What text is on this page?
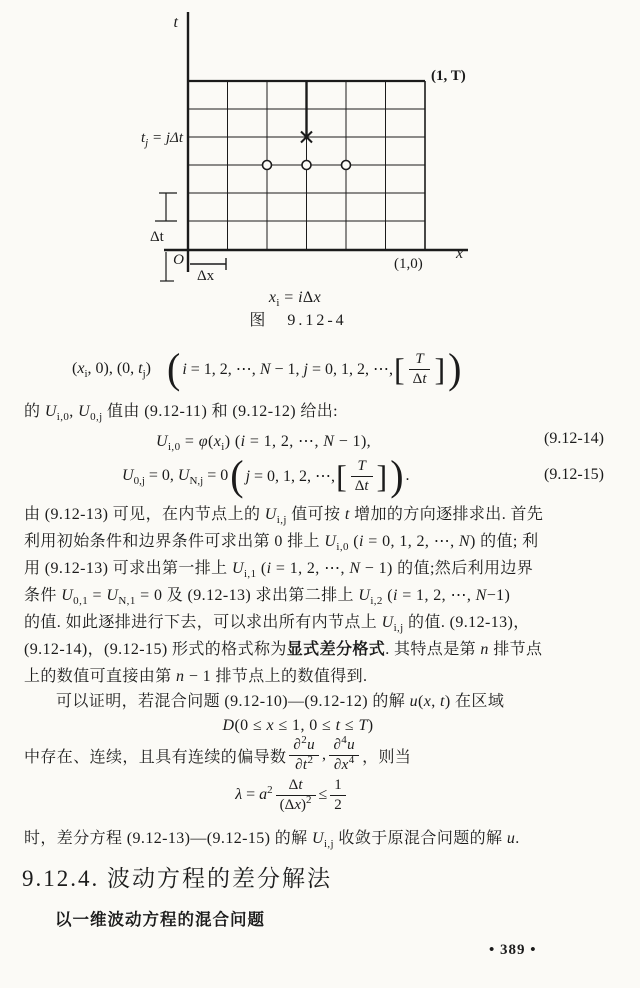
t
x
(1, T)
(1,0)
$t_j = j\Delta t$
Δt
O
Δx
$x_i = i\Delta x$
图　9.12-4
($x_i$, 0), (0, $t_j$) ( i = 1, 2, ⋯, N − 1, j = 0, 1, 2, ⋯, [ $\frac{T}{\Delta t}$ ] )
的 $U_{i,0}$, $U_{0,j}$ 值由 (9.12-11) 和 (9.12-12) 给出:
$U_{i,0} = \varphi(x_i) (i = 1$, 2, ⋯, N − 1),	(9.12-14)
$U_{0,j} = 0$, $U_{N,j} = 0$ ( j = 0, 1, 2, ⋯, [ $\frac{T}{\Delta t}$ ] ) .	(9.12-15)
由 (9.12-13) 可见，在内节点上的 $U_{i,j}$ 值可按 t 增加的方向逐排求出. 首先
利用初始条件和边界条件可求出第 0 排上 $U_{i,0}$ (i = 0, 1, 2, ⋯, N) 的值; 利
用 (9.12-13) 可求出第一排上 $U_{i,1}$ (i = 1, 2, ⋯, N − 1) 的值;然后利用边界
条件 $U_{0,1} = U_{N,1} = 0$ 及 (9.12-13) 求出第二排上 $U_{i,2}$ (i = 1, 2, ⋯, N−1)
的值. 如此逐排进行下去，可以求出所有内节点上 $U_{i,j}$ 的值. (9.12-13)，
(9.12-14)，(9.12-15) 形式的格式称为显式差分格式. 其特点是第 n 排节点
上的数值可直接由第 n − 1 排节点上的数值得到.
可以证明，若混合问题 (9.12-10)—(9.12-12) 的解 u(x, t) 在区域
D(0 ≤ x ≤ 1, 0 ≤ t ≤ T)
中存在、连续，且具有连续的偏导数 $\frac{\partial^2u}{\partial t^2}$ , $\frac{\partial^4u}{\partial x^4}$ ，则当
$\lambda = a^2 \frac{\Delta t}{(\Delta x)^2} \le \frac{1}{2}$
时，差分方程 (9.12-13)—(9.12-15) 的解 $U_{i,j}$ 收敛于原混合问题的解 u.
9.12.4. 波动方程的差分解法
以一维波动方程的混合问题
• 389 •
